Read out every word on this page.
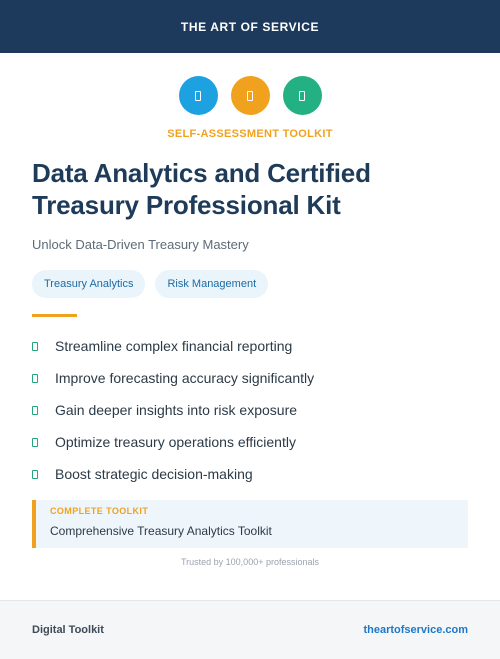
THE ART OF SERVICE
SELF-ASSESSMENT TOOLKIT
Data Analytics and Certified Treasury Professional Kit
Unlock Data-Driven Treasury Mastery
Treasury Analytics	Risk Management
Streamline complex financial reporting
Improve forecasting accuracy significantly
Gain deeper insights into risk exposure
Optimize treasury operations efficiently
Boost strategic decision-making
COMPLETE TOOLKIT
Comprehensive Treasury Analytics Toolkit
Trusted by 100,000+ professionals
Digital Toolkit	theartofservice.com
